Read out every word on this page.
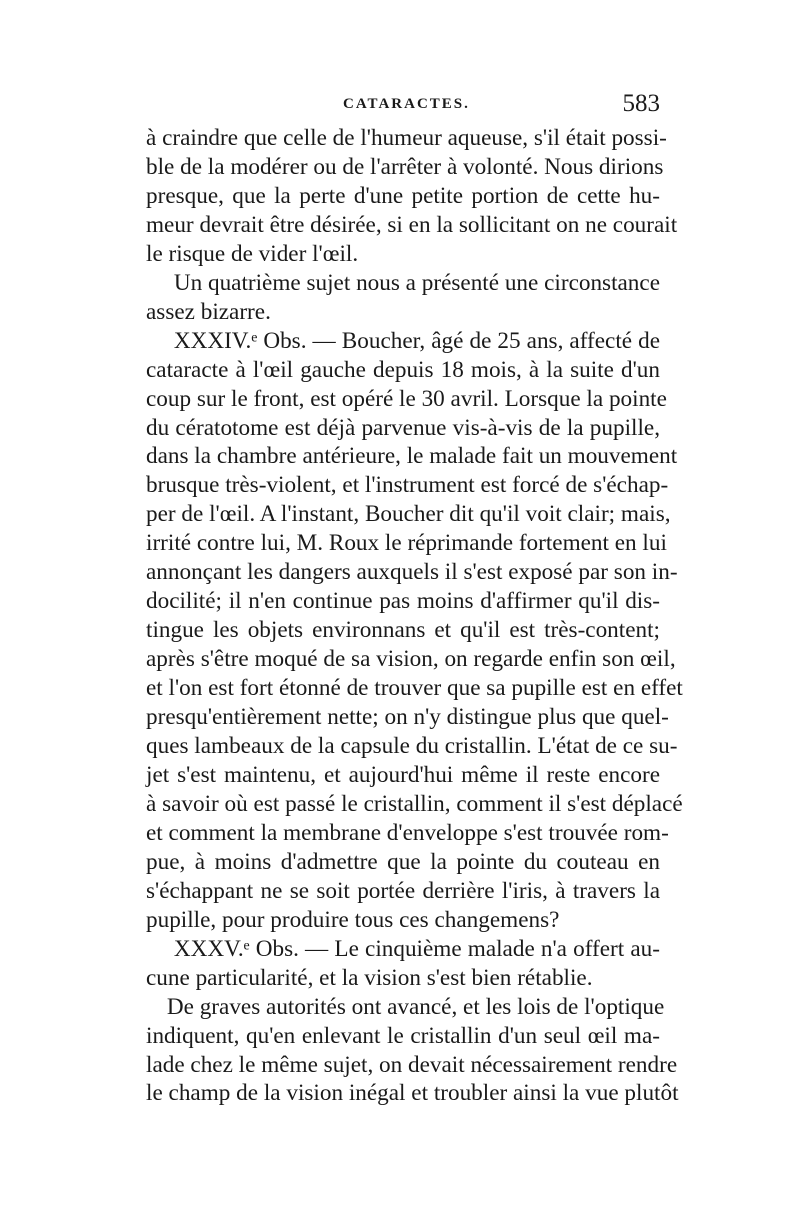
CATARACTES.	583
à craindre que celle de l'humeur aqueuse, s'il était possi-
ble de la modérer ou de l'arrêter à volonté. Nous dirions
presque, que la perte d'une petite portion de cette hu-
meur devrait être désirée, si en la sollicitant on ne courait
le risque de vider l'œil.
Un quatrième sujet nous a présenté une circonstance
assez bizarre.
XXXIV.ᵉ Obs. — Boucher, âgé de 25 ans, affecté de
cataracte à l'œil gauche depuis 18 mois, à la suite d'un
coup sur le front, est opéré le 30 avril. Lorsque la pointe
du cératotome est déjà parvenue vis-à-vis de la pupille,
dans la chambre antérieure, le malade fait un mouvement
brusque très-violent, et l'instrument est forcé de s'échap-
per de l'œil. A l'instant, Boucher dit qu'il voit clair; mais,
irrité contre lui, M. Roux le réprimande fortement en lui
annonçant les dangers auxquels il s'est exposé par son in-
docilité; il n'en continue pas moins d'affirmer qu'il dis-
tingue les objets environnans et qu'il est très-content;
après s'être moqué de sa vision, on regarde enfin son œil,
et l'on est fort étonné de trouver que sa pupille est en effet
presqu'entièrement nette; on n'y distingue plus que quel-
ques lambeaux de la capsule du cristallin. L'état de ce su-
jet s'est maintenu, et aujourd'hui même il reste encore
à savoir où est passé le cristallin, comment il s'est déplacé
et comment la membrane d'enveloppe s'est trouvée rom-
pue, à moins d'admettre que la pointe du couteau en
s'échappant ne se soit portée derrière l'iris, à travers la
pupille, pour produire tous ces changemens?
XXXV.ᵉ Obs. — Le cinquième malade n'a offert au-
cune particularité, et la vision s'est bien rétablie.
De graves autorités ont avancé, et les lois de l'optique
indiquent, qu'en enlevant le cristallin d'un seul œil ma-
lade chez le même sujet, on devait nécessairement rendre
le champ de la vision inégal et troubler ainsi la vue plutôt
